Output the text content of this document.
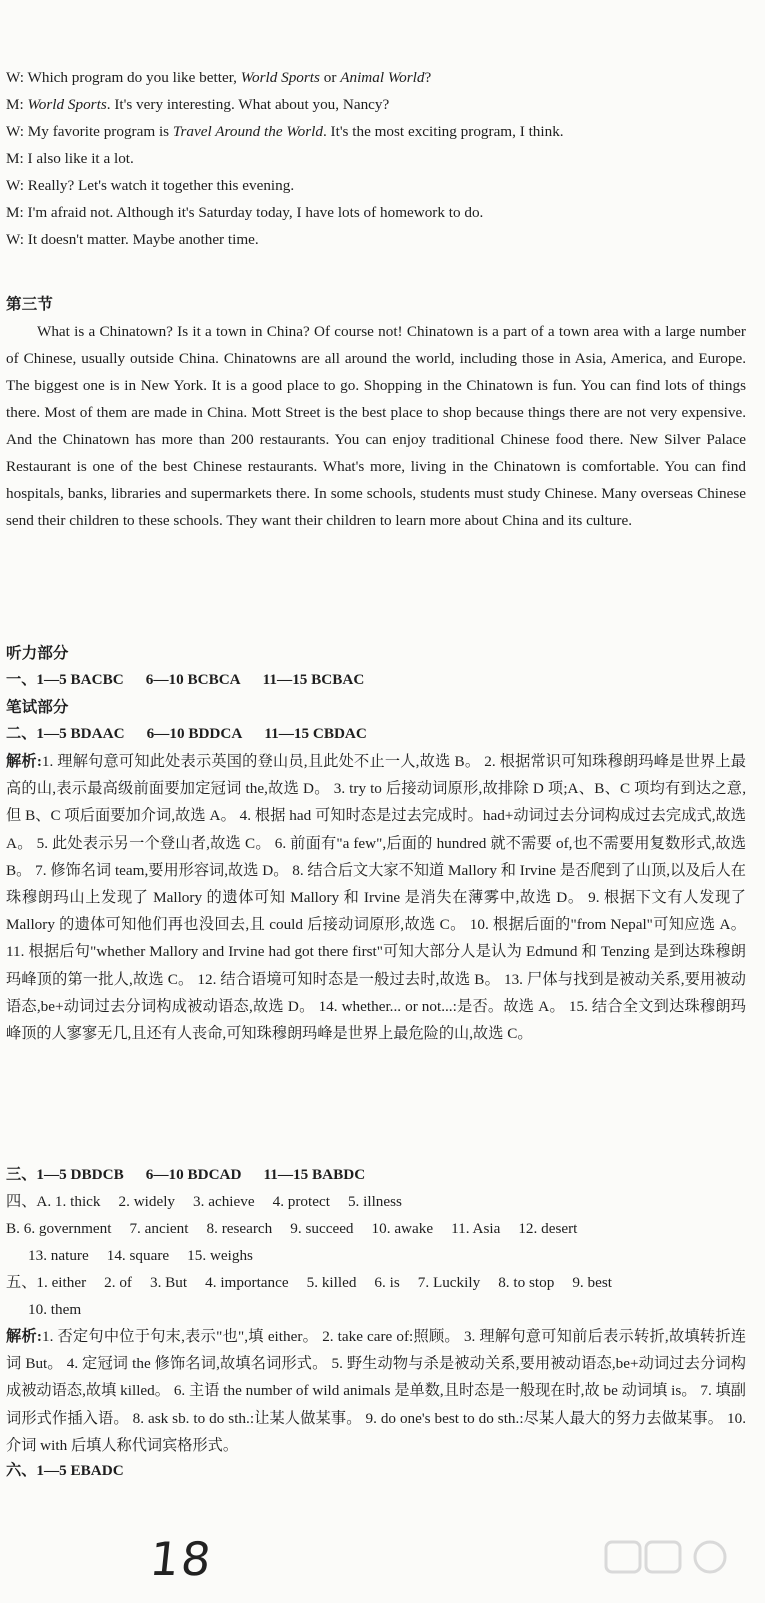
W: Which program do you like better, World Sports or Animal World?
M: World Sports. It's very interesting. What about you, Nancy?
W: My favorite program is Travel Around the World. It's the most exciting program, I think.
M: I also like it a lot.
W: Really? Let's watch it together this evening.
M: I'm afraid not. Although it's Saturday today, I have lots of homework to do.
W: It doesn't matter. Maybe another time.
第三节
What is a Chinatown? Is it a town in China? Of course not! Chinatown is a part of a town area with a large number of Chinese, usually outside China. Chinatowns are all around the world, including those in Asia, America, and Europe. The biggest one is in New York. It is a good place to go. Shopping in the Chinatown is fun. You can find lots of things there. Most of them are made in China. Mott Street is the best place to shop because things there are not very expensive. And the Chinatown has more than 200 restaurants. You can enjoy traditional Chinese food there. New Silver Palace Restaurant is one of the best Chinese restaurants. What's more, living in the Chinatown is comfortable. You can find hospitals, banks, libraries and supermarkets there. In some schools, students must study Chinese. Many overseas Chinese send their children to these schools. They want their children to learn more about China and its culture.
听力部分
一、1—5 BACBC 6—10 BCBCA 11—15 BCBAC
笔试部分
二、1—5 BDAAC 6—10 BDDCA 11—15 CBDAC
解析:1. 理解句意可知此处表示英国的登山员,且此处不止一人,故选 B。 2. 根据常识可知珠穆朗玛峰是世界上最高的山,表示最高级前面要加定冠词 the,故选 D。 3. try to 后接动词原形,故排除 D 项;A、B、C 项均有到达之意,但 B、C 项后面要加介词,故选 A。 4. 根据 had 可知时态是过去完成时。had+动词过去分词构成过去完成式,故选 A。 5. 此处表示另一个登山者,故选 C。 6. 前面有"a few",后面的 hundred 就不需要 of,也不需要用复数形式,故选 B。 7. 修饰名词 team,要用形容词,故选 D。 8. 结合后文大家不知道 Mallory 和 Irvine 是否爬到了山顶,以及后人在珠穆朗玛山上发现了 Mallory 的遗体可知 Mallory 和 Irvine 是消失在薄雾中,故选 D。 9. 根据下文有人发现了 Mallory 的遗体可知他们再也没回去,且 could 后接动词原形,故选 C。 10. 根据后面的"from Nepal"可知应选 A。 11. 根据后句"whether Mallory and Irvine had got there first"可知大部分人是认为 Edmund 和 Tenzing 是到达珠穆朗玛峰顶的第一批人,故选 C。 12. 结合语境可知时态是一般过去时,故选 B。 13. 尸体与找到是被动关系,要用被动语态,be+动词过去分词构成被动语态,故选 D。 14. whether... or not...:是否。故选 A。 15. 结合全文到达珠穆朗玛峰顶的人寥寥无几,且还有人丧命,可知珠穆朗玛峰是世界上最危险的山,故选 C。
三、1—5 DBDCB 6—10 BDCAD 11—15 BABDC
四、A. 1. thick 2. widely 3. achieve 4. protect 5. illness
B. 6. government 7. ancient 8. research 9. succeed 10. awake 11. Asia 12. desert
13. nature 14. square 15. weighs
五、1. either 2. of 3. But 4. importance 5. killed 6. is 7. Luckily 8. to stop 9. best
10. them
解析:1. 否定句中位于句末,表示"也",填 either。 2. take care of:照顾。 3. 理解句意可知前后表示转折,故填转折连词 But。 4. 定冠词 the 修饰名词,故填名词形式。 5. 野生动物与杀是被动关系,要用被动语态,be+动词过去分词构成被动语态,故填 killed。 6. 主语 the number of wild animals 是单数,且时态是一般现在时,故 be 动词填 is。 7. 填副词形式作插入语。 8. ask sb. to do sth.:让某人做某事。 9. do one's best to do sth.:尽某人最大的努力去做某事。 10. 介词 with 后填人称代词宾格形式。
六、1—5 EBADC
18
